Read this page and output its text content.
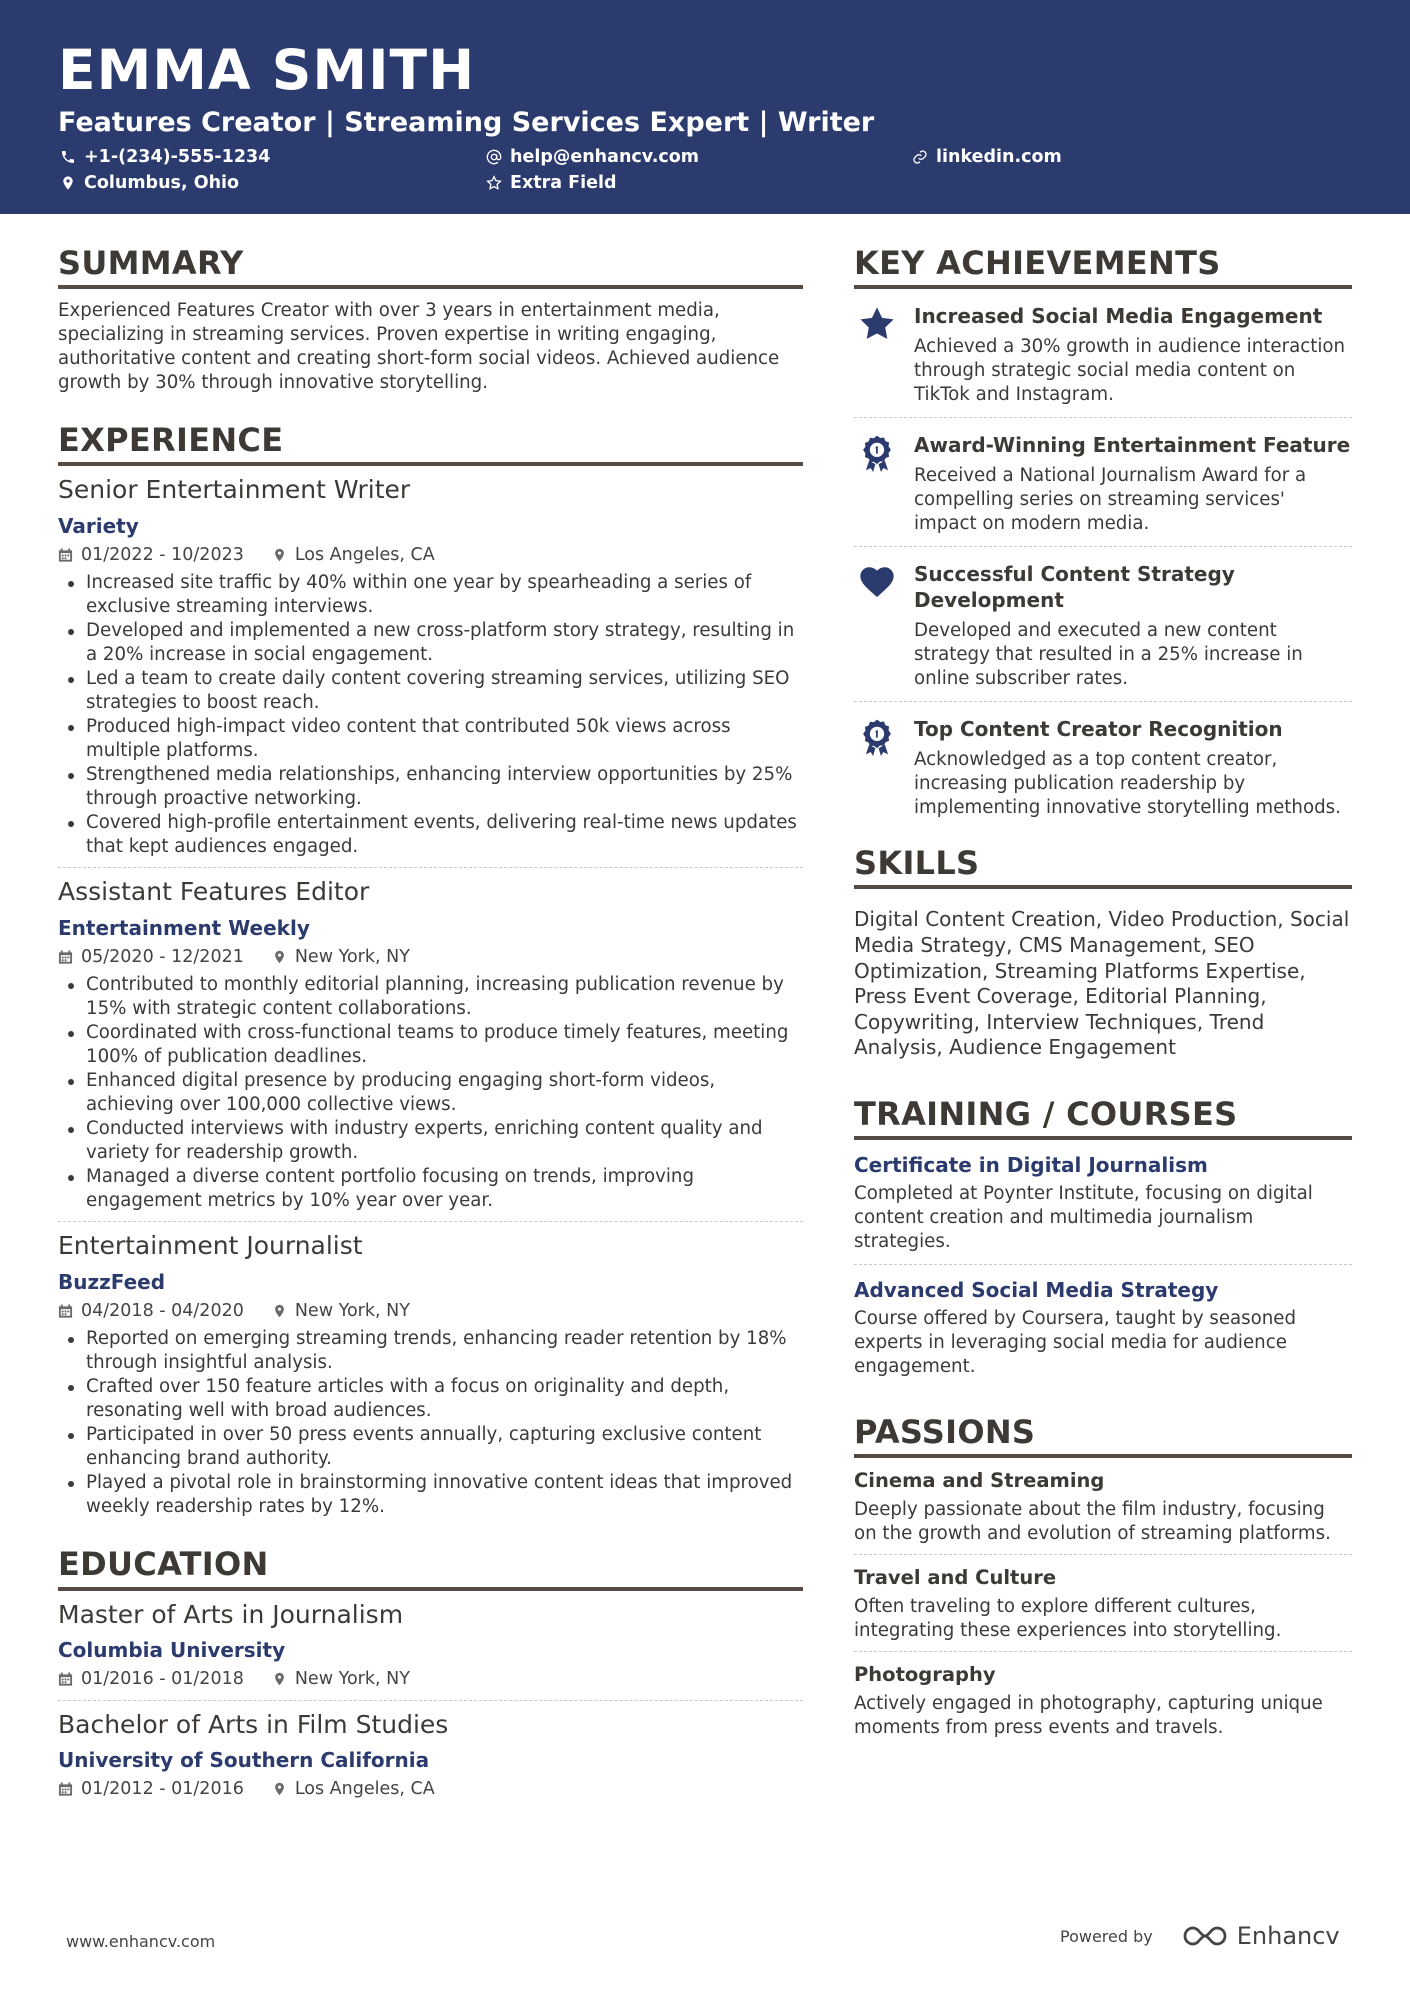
EMMA SMITH
Features Creator | Streaming Services Expert | Writer
+1-(234)-555-1234	help@enhancv.com	linkedin.com
Columbus, Ohio	Extra Field
SUMMARY
Experienced Features Creator with over 3 years in entertainment media, specializing in streaming services. Proven expertise in writing engaging, authoritative content and creating short-form social videos. Achieved audience growth by 30% through innovative storytelling.
EXPERIENCE
Senior Entertainment Writer
Variety
01/2022 - 10/2023	Los Angeles, CA
Increased site traffic by 40% within one year by spearheading a series of exclusive streaming interviews.
Developed and implemented a new cross-platform story strategy, resulting in a 20% increase in social engagement.
Led a team to create daily content covering streaming services, utilizing SEO strategies to boost reach.
Produced high-impact video content that contributed 50k views across multiple platforms.
Strengthened media relationships, enhancing interview opportunities by 25% through proactive networking.
Covered high-profile entertainment events, delivering real-time news updates that kept audiences engaged.
Assistant Features Editor
Entertainment Weekly
05/2020 - 12/2021	New York, NY
Contributed to monthly editorial planning, increasing publication revenue by 15% with strategic content collaborations.
Coordinated with cross-functional teams to produce timely features, meeting 100% of publication deadlines.
Enhanced digital presence by producing engaging short-form videos, achieving over 100,000 collective views.
Conducted interviews with industry experts, enriching content quality and variety for readership growth.
Managed a diverse content portfolio focusing on trends, improving engagement metrics by 10% year over year.
Entertainment Journalist
BuzzFeed
04/2018 - 04/2020	New York, NY
Reported on emerging streaming trends, enhancing reader retention by 18% through insightful analysis.
Crafted over 150 feature articles with a focus on originality and depth, resonating well with broad audiences.
Participated in over 50 press events annually, capturing exclusive content enhancing brand authority.
Played a pivotal role in brainstorming innovative content ideas that improved weekly readership rates by 12%.
EDUCATION
Master of Arts in Journalism
Columbia University
01/2016 - 01/2018	New York, NY
Bachelor of Arts in Film Studies
University of Southern California
01/2012 - 01/2016	Los Angeles, CA
KEY ACHIEVEMENTS
Increased Social Media Engagement
Achieved a 30% growth in audience interaction through strategic social media content on TikTok and Instagram.
Award-Winning Entertainment Feature
Received a National Journalism Award for a compelling series on streaming services' impact on modern media.
Successful Content Strategy Development
Developed and executed a new content strategy that resulted in a 25% increase in online subscriber rates.
Top Content Creator Recognition
Acknowledged as a top content creator, increasing publication readership by implementing innovative storytelling methods.
SKILLS
Digital Content Creation, Video Production, Social Media Strategy, CMS Management, SEO Optimization, Streaming Platforms Expertise, Press Event Coverage, Editorial Planning, Copywriting, Interview Techniques, Trend Analysis, Audience Engagement
TRAINING / COURSES
Certificate in Digital Journalism
Completed at Poynter Institute, focusing on digital content creation and multimedia journalism strategies.
Advanced Social Media Strategy
Course offered by Coursera, taught by seasoned experts in leveraging social media for audience engagement.
PASSIONS
Cinema and Streaming
Deeply passionate about the film industry, focusing on the growth and evolution of streaming platforms.
Travel and Culture
Often traveling to explore different cultures, integrating these experiences into storytelling.
Photography
Actively engaged in photography, capturing unique moments from press events and travels.
www.enhancv.com	Powered by	Enhancv
